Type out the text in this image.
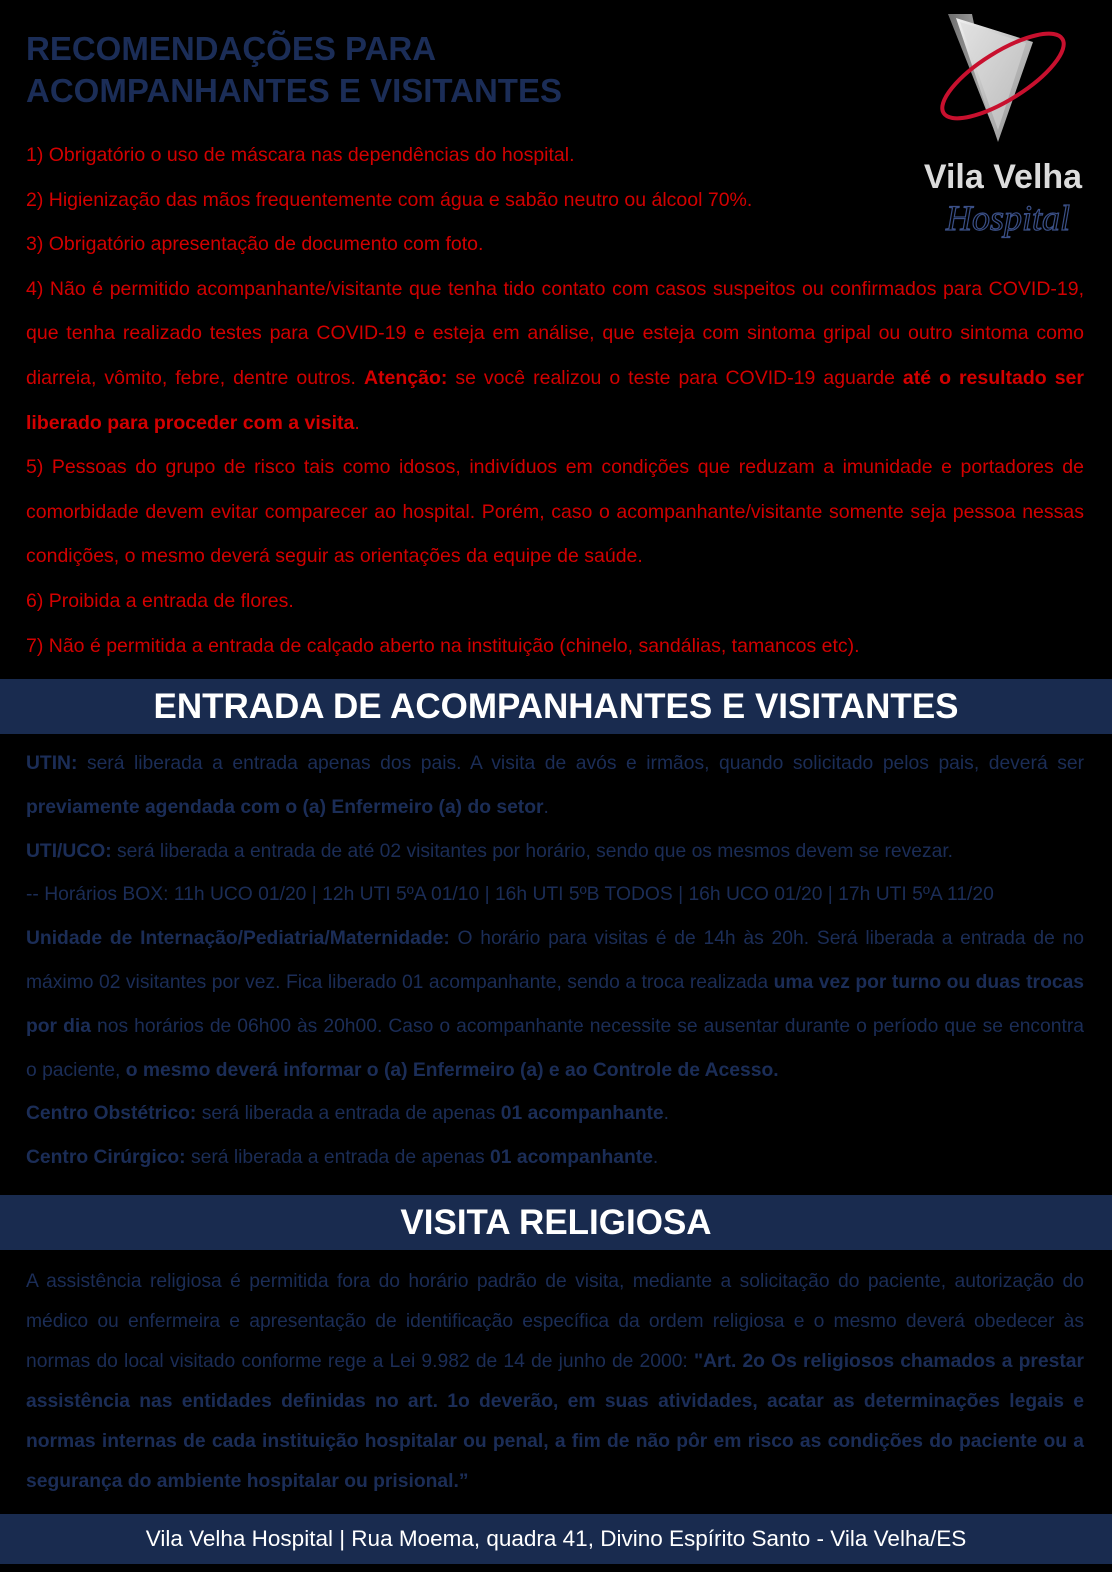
RECOMENDAÇÕES PARA
ACOMPANHANTES E VISITANTES
Vila Velha
Hospital

1) Obrigatório o uso de máscara nas dependências do hospital.

2) Higienização das mãos frequentemente com água e sabão neutro ou álcool 70%.

3) Obrigatório apresentação de documento com foto.

4) Não é permitido acompanhante/visitante que tenha tido contato com casos suspeitos ou confirmados para COVID-19, que tenha realizado testes para COVID-19 e esteja em análise, que esteja com sintoma gripal ou outro sintoma como diarreia, vômito, febre, dentre outros. Atenção: se você realizou o teste para COVID-19 aguarde até o resultado ser liberado para proceder com a visita.

5) Pessoas do grupo de risco tais como idosos, indivíduos em condições que reduzam a imunidade e portadores de comorbidade devem evitar comparecer ao hospital. Porém, caso o acompanhante/visitante somente seja pessoa nessas condições, o mesmo deverá seguir as orientações da equipe de saúde.

6) Proibida a entrada de flores.

7) Não é permitida a entrada de calçado aberto na instituição (chinelo, sandálias, tamancos etc).

ENTRADA DE ACOMPANHANTES E VISITANTES

UTIN: será liberada a entrada apenas dos pais. A visita de avós e irmãos, quando solicitado pelos pais, deverá ser previamente agendada com o (a) Enfermeiro (a) do setor.

UTI/UCO: será liberada a entrada de até 02 visitantes por horário, sendo que os mesmos devem se revezar.

-- Horários BOX: 11h UCO 01/20 | 12h UTI 5ºA 01/10 | 16h UTI 5ºB TODOS | 16h UCO 01/20 | 17h UTI 5ºA 11/20

Unidade de Internação/Pediatria/Maternidade: O horário para visitas é de 14h às 20h. Será liberada a entrada de no máximo 02 visitantes por vez. Fica liberado 01 acompanhante, sendo a troca realizada uma vez por turno ou duas trocas por dia nos horários de 06h00 às 20h00. Caso o acompanhante necessite se ausentar durante o período que se encontra o paciente, o mesmo deverá informar o (a) Enfermeiro (a) e ao Controle de Acesso.

Centro Obstétrico: será liberada a entrada de apenas 01 acompanhante.

Centro Cirúrgico: será liberada a entrada de apenas 01 acompanhante.

VISITA RELIGIOSA

A assistência religiosa é permitida fora do horário padrão de visita, mediante a solicitação do paciente, autorização do médico ou enfermeira e apresentação de identificação específica da ordem religiosa e o mesmo deverá obedecer às normas do local visitado conforme rege a Lei 9.982 de 14 de junho de 2000: "Art. 2o Os religiosos chamados a prestar assistência nas entidades definidas no art. 1o deverão, em suas atividades, acatar as determinações legais e normas internas de cada instituição hospitalar ou penal, a fim de não pôr em risco as condições do paciente ou a segurança do ambiente hospitalar ou prisional.”

Vila Velha Hospital | Rua Moema, quadra 41, Divino Espírito Santo - Vila Velha/ES
